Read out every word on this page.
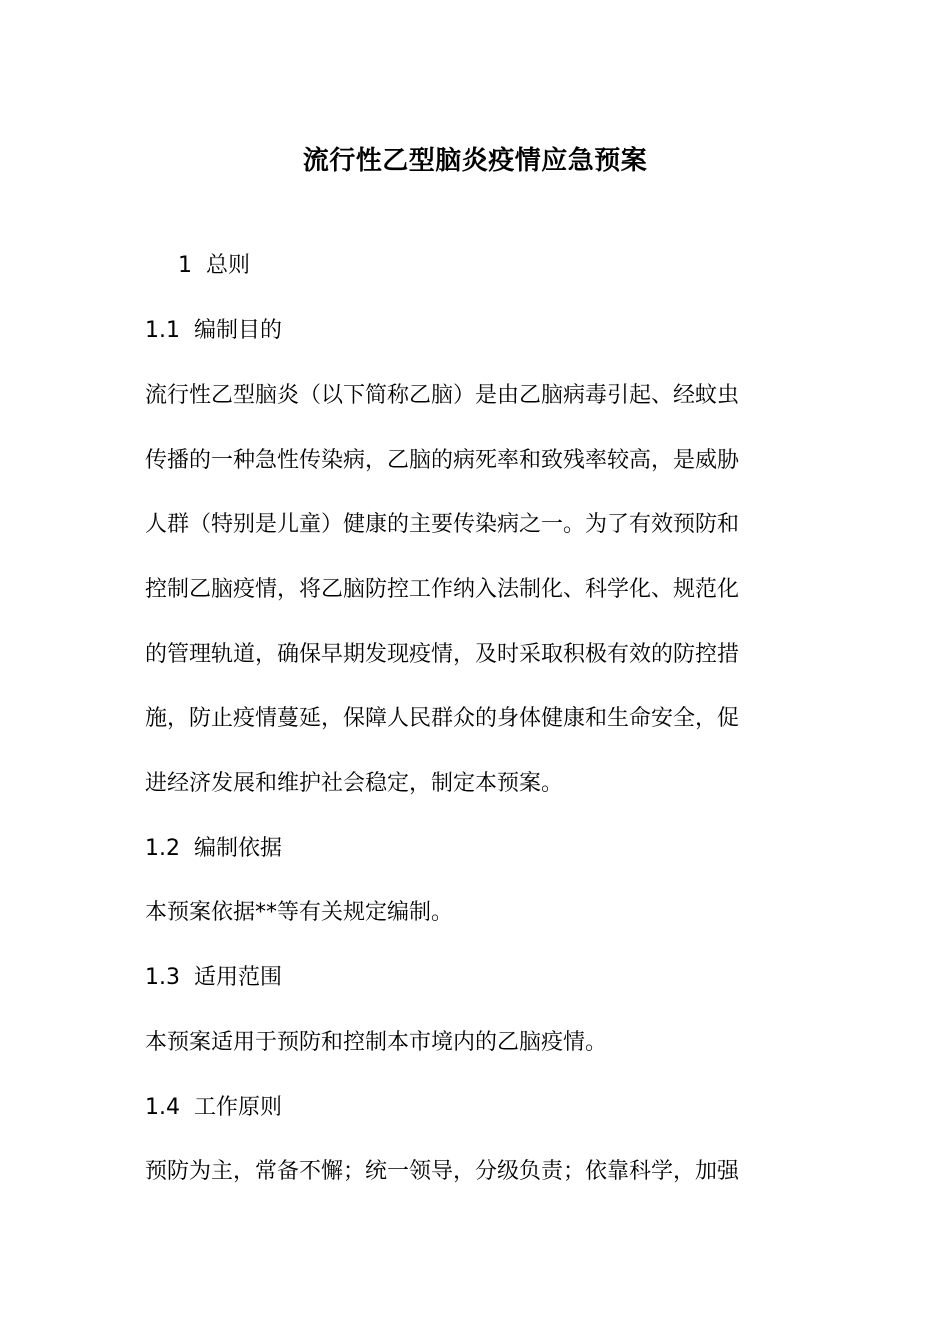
流行性乙型脑炎疫情应急预案
1 总则
1.1 编制目的
流行性乙型脑炎（以下简称乙脑）是由乙脑病毒引起、经蚊虫
传播的一种急性传染病，乙脑的病死率和致残率较高，是威胁
人群（特别是儿童）健康的主要传染病之一。为了有效预防和
控制乙脑疫情，将乙脑防控工作纳入法制化、科学化、规范化
的管理轨道，确保早期发现疫情，及时采取积极有效的防控措
施，防止疫情蔓延，保障人民群众的身体健康和生命安全，促
进经济发展和维护社会稳定，制定本预案。
1.2 编制依据
本预案依据**等有关规定编制。
1.3 适用范围
本预案适用于预防和控制本市境内的乙脑疫情。
1.4 工作原则
预防为主，常备不懈；统一领导，分级负责；依靠科学，加强
